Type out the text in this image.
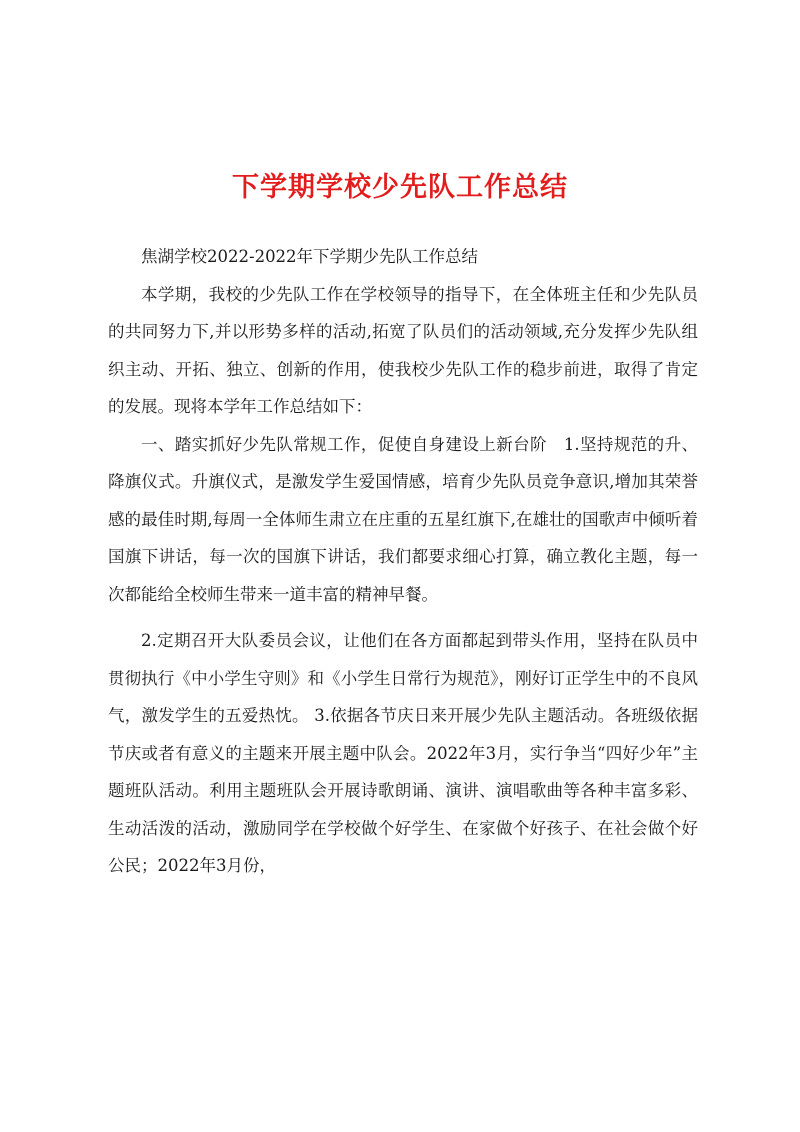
下学期学校少先队工作总结

焦湖学校2022-2022年下学期少先队工作总结

本学期，我校的少先队工作在学校领导的指导下，在全体班主任和少先队员的共同努力下,并以形势多样的活动,拓宽了队员们的活动领域,充分发挥少先队组织主动、开拓、独立、创新的作用，使我校少先队工作的稳步前进，取得了肯定的发展。现将本学年工作总结如下：

一、踏实抓好少先队常规工作，促使自身建设上新台阶　1.坚持规范的升、降旗仪式。升旗仪式，是激发学生爱国情感，培育少先队员竞争意识,增加其荣誉感的最佳时期,每周一全体师生肃立在庄重的五星红旗下,在雄壮的国歌声中倾听着国旗下讲话，每一次的国旗下讲话，我们都要求细心打算，确立教化主题，每一次都能给全校师生带来一道丰富的精神早餐。

2.定期召开大队委员会议，让他们在各方面都起到带头作用，坚持在队员中贯彻执行《中小学生守则》和《小学生日常行为规范》，刚好订正学生中的不良风气，激发学生的五爱热忱。 3.依据各节庆日来开展少先队主题活动。各班级依据节庆或者有意义的主题来开展主题中队会。2022年3月，实行争当“四好少年”主题班队活动。利用主题班队会开展诗歌朗诵、演讲、演唱歌曲等各种丰富多彩、生动活泼的活动，激励同学在学校做个好学生、在家做个好孩子、在社会做个好公民；2022年3月份，
